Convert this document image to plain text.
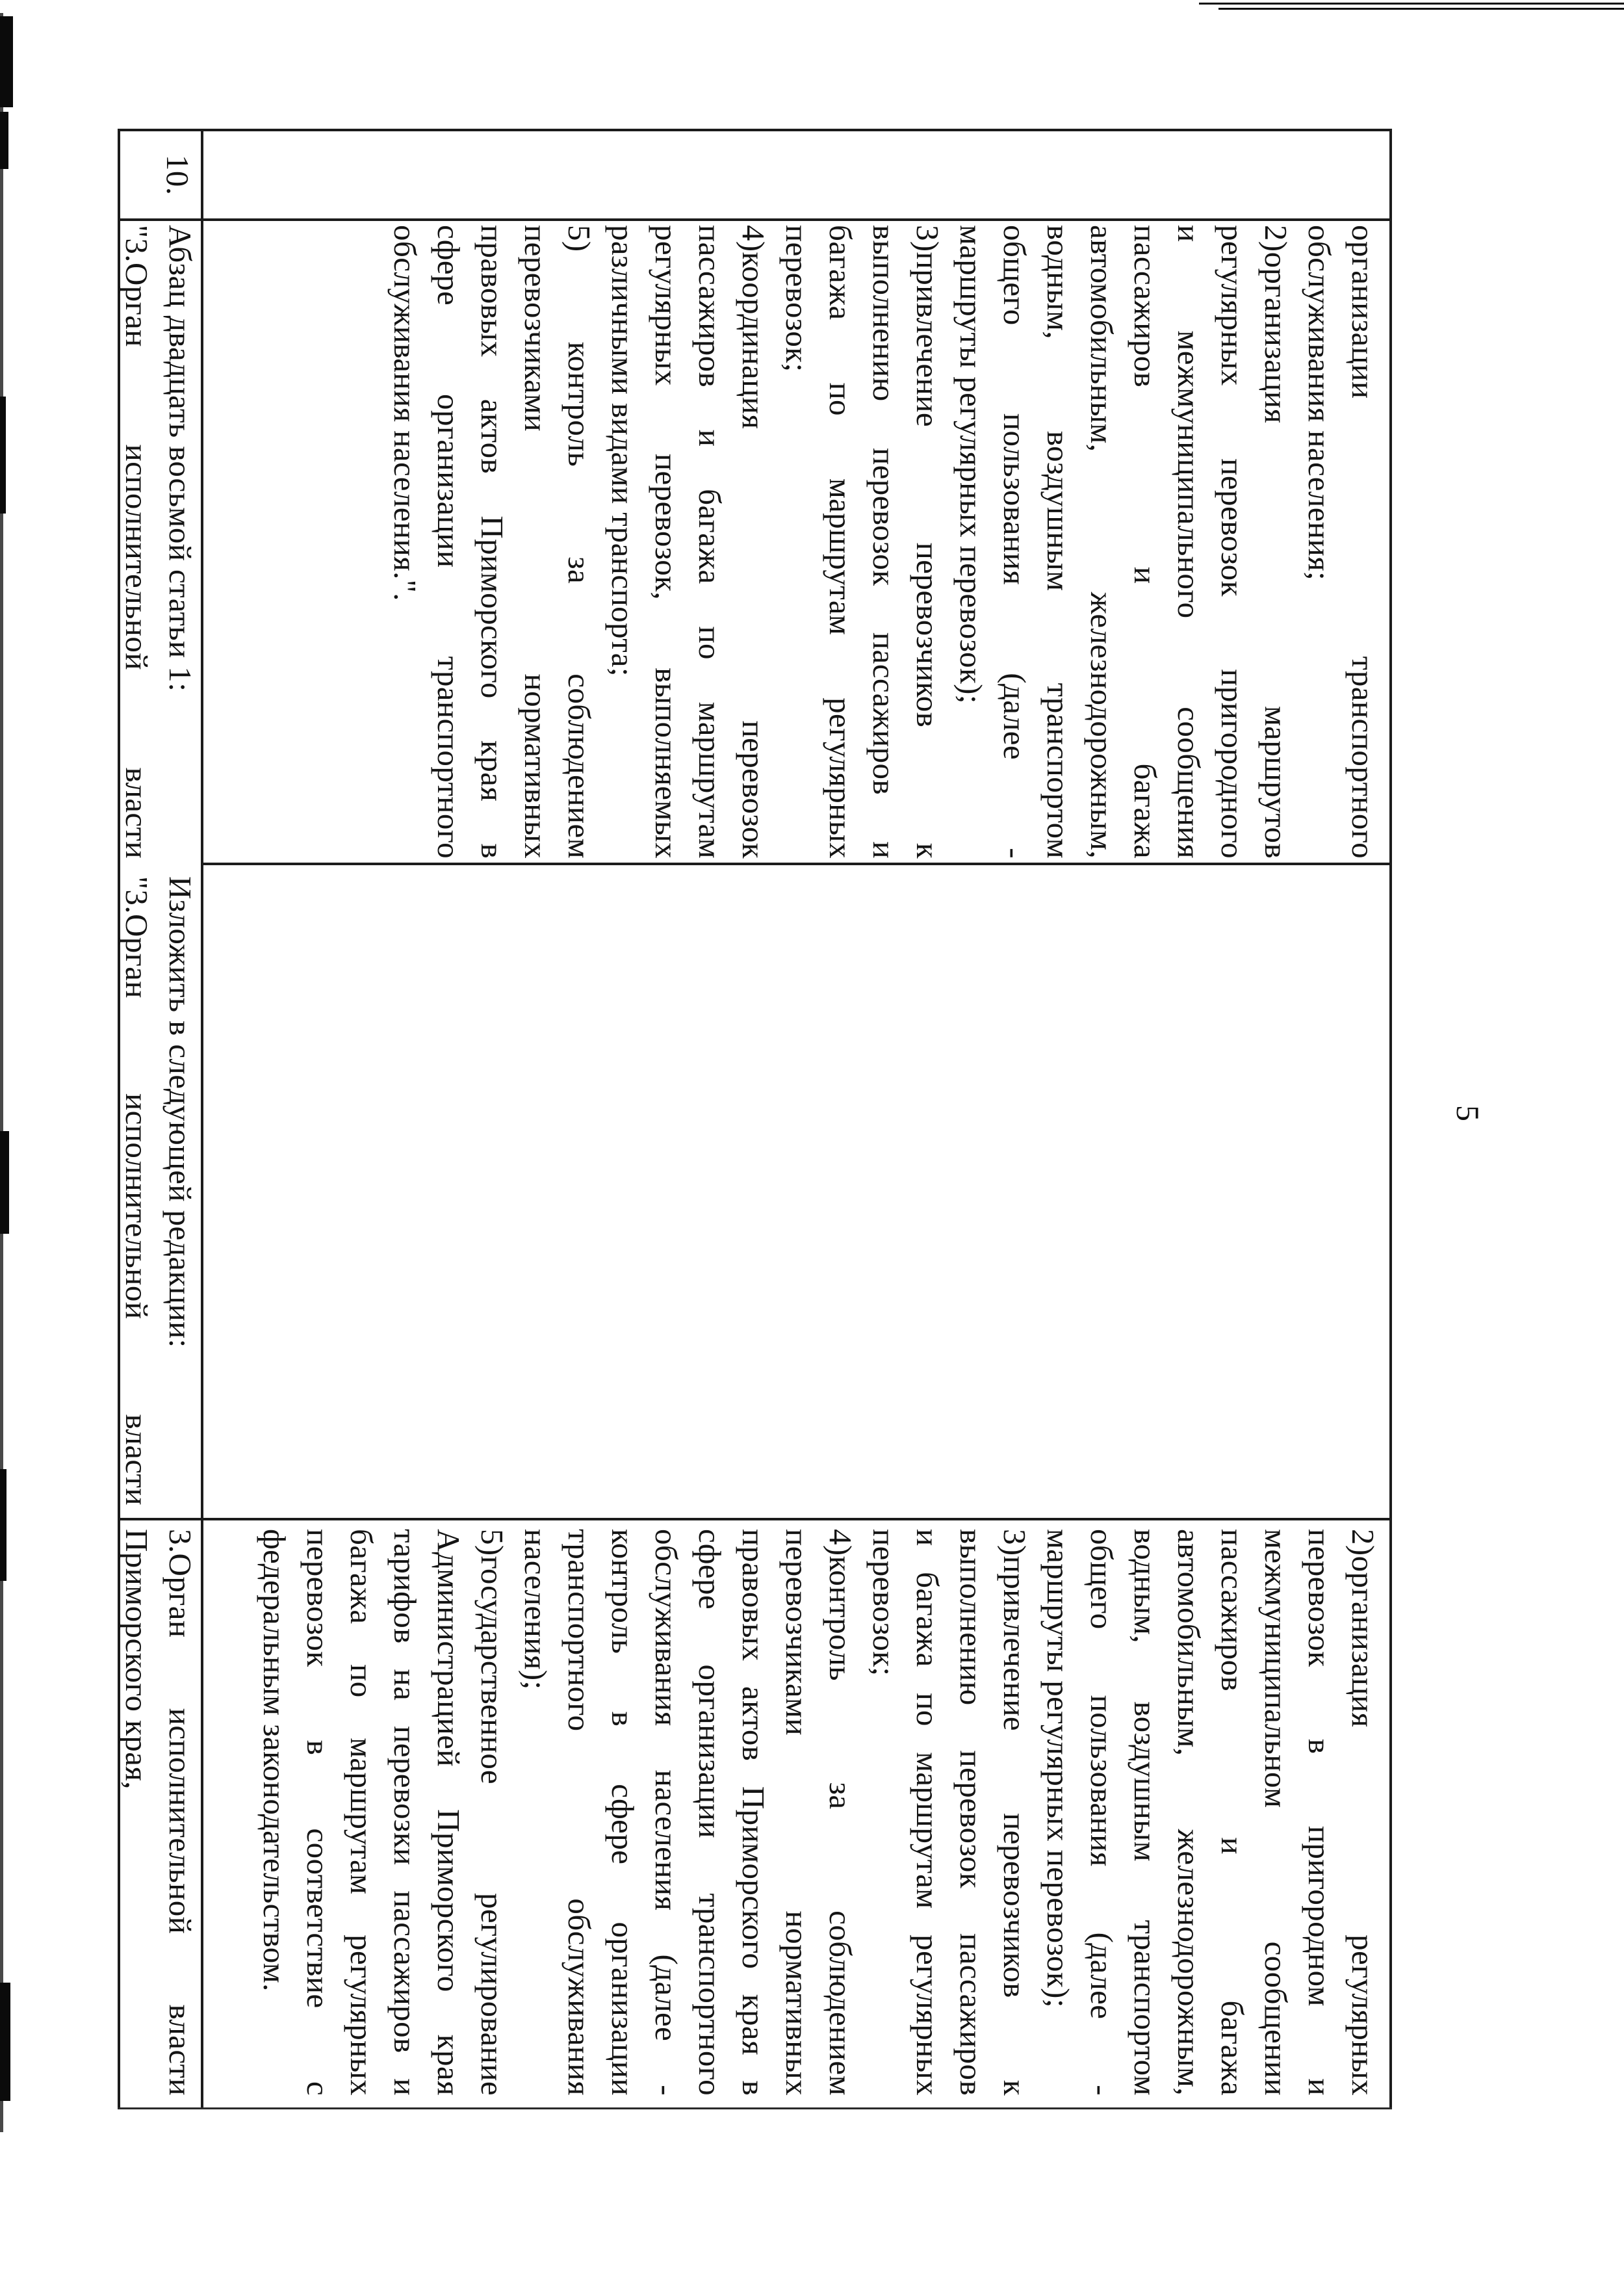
10.
организации транспортного
обслуживания населения;
2)организация маршрутов
регулярных перевозок пригородного
и межмуниципального сообщения
пассажиров и багажа
автомобильным, железнодорожным,
водным, воздушным транспортом
общего пользования (далее -
маршруты регулярных перевозок);
3)привлечение перевозчиков к
выполнению перевозок пассажиров и
багажа по маршрутам регулярных
перевозок;
4)координация перевозок
пассажиров и багажа по маршрутам
регулярных перевозок, выполняемых
различными видами транспорта;
5) контроль за соблюдением
перевозчиками нормативных
правовых актов Приморского края в
сфере организации транспортного
обслуживания населения.".
2)организация регулярных
перевозок в пригородном и
межмуниципальном сообщении
пассажиров и багажа
автомобильным, железнодорожным,
водным, воздушным транспортом
общего пользования (далее -
маршруты регулярных перевозок);
3)привлечение перевозчиков к
выполнению перевозок пассажиров
и багажа по маршрутам регулярных
перевозок;
4)контроль за соблюдением
перевозчиками нормативных
правовых актов Приморского края в
сфере организации транспортного
обслуживания населения (далее -
контроль в сфере организации
транспортного обслуживания
населения);
5)государственное регулирование
Администрацией Приморского края
тарифов на перевозки пассажиров и
багажа по маршрутам регулярных
перевозок в соответствие с
федеральным законодательством.
Абзац двадцать восьмой статьи 1:
"3.Орган исполнительной власти
Изложить в следующей редакции:
"3.Орган исполнительной власти
3.Орган исполнительной власти
Приморского края,
5
